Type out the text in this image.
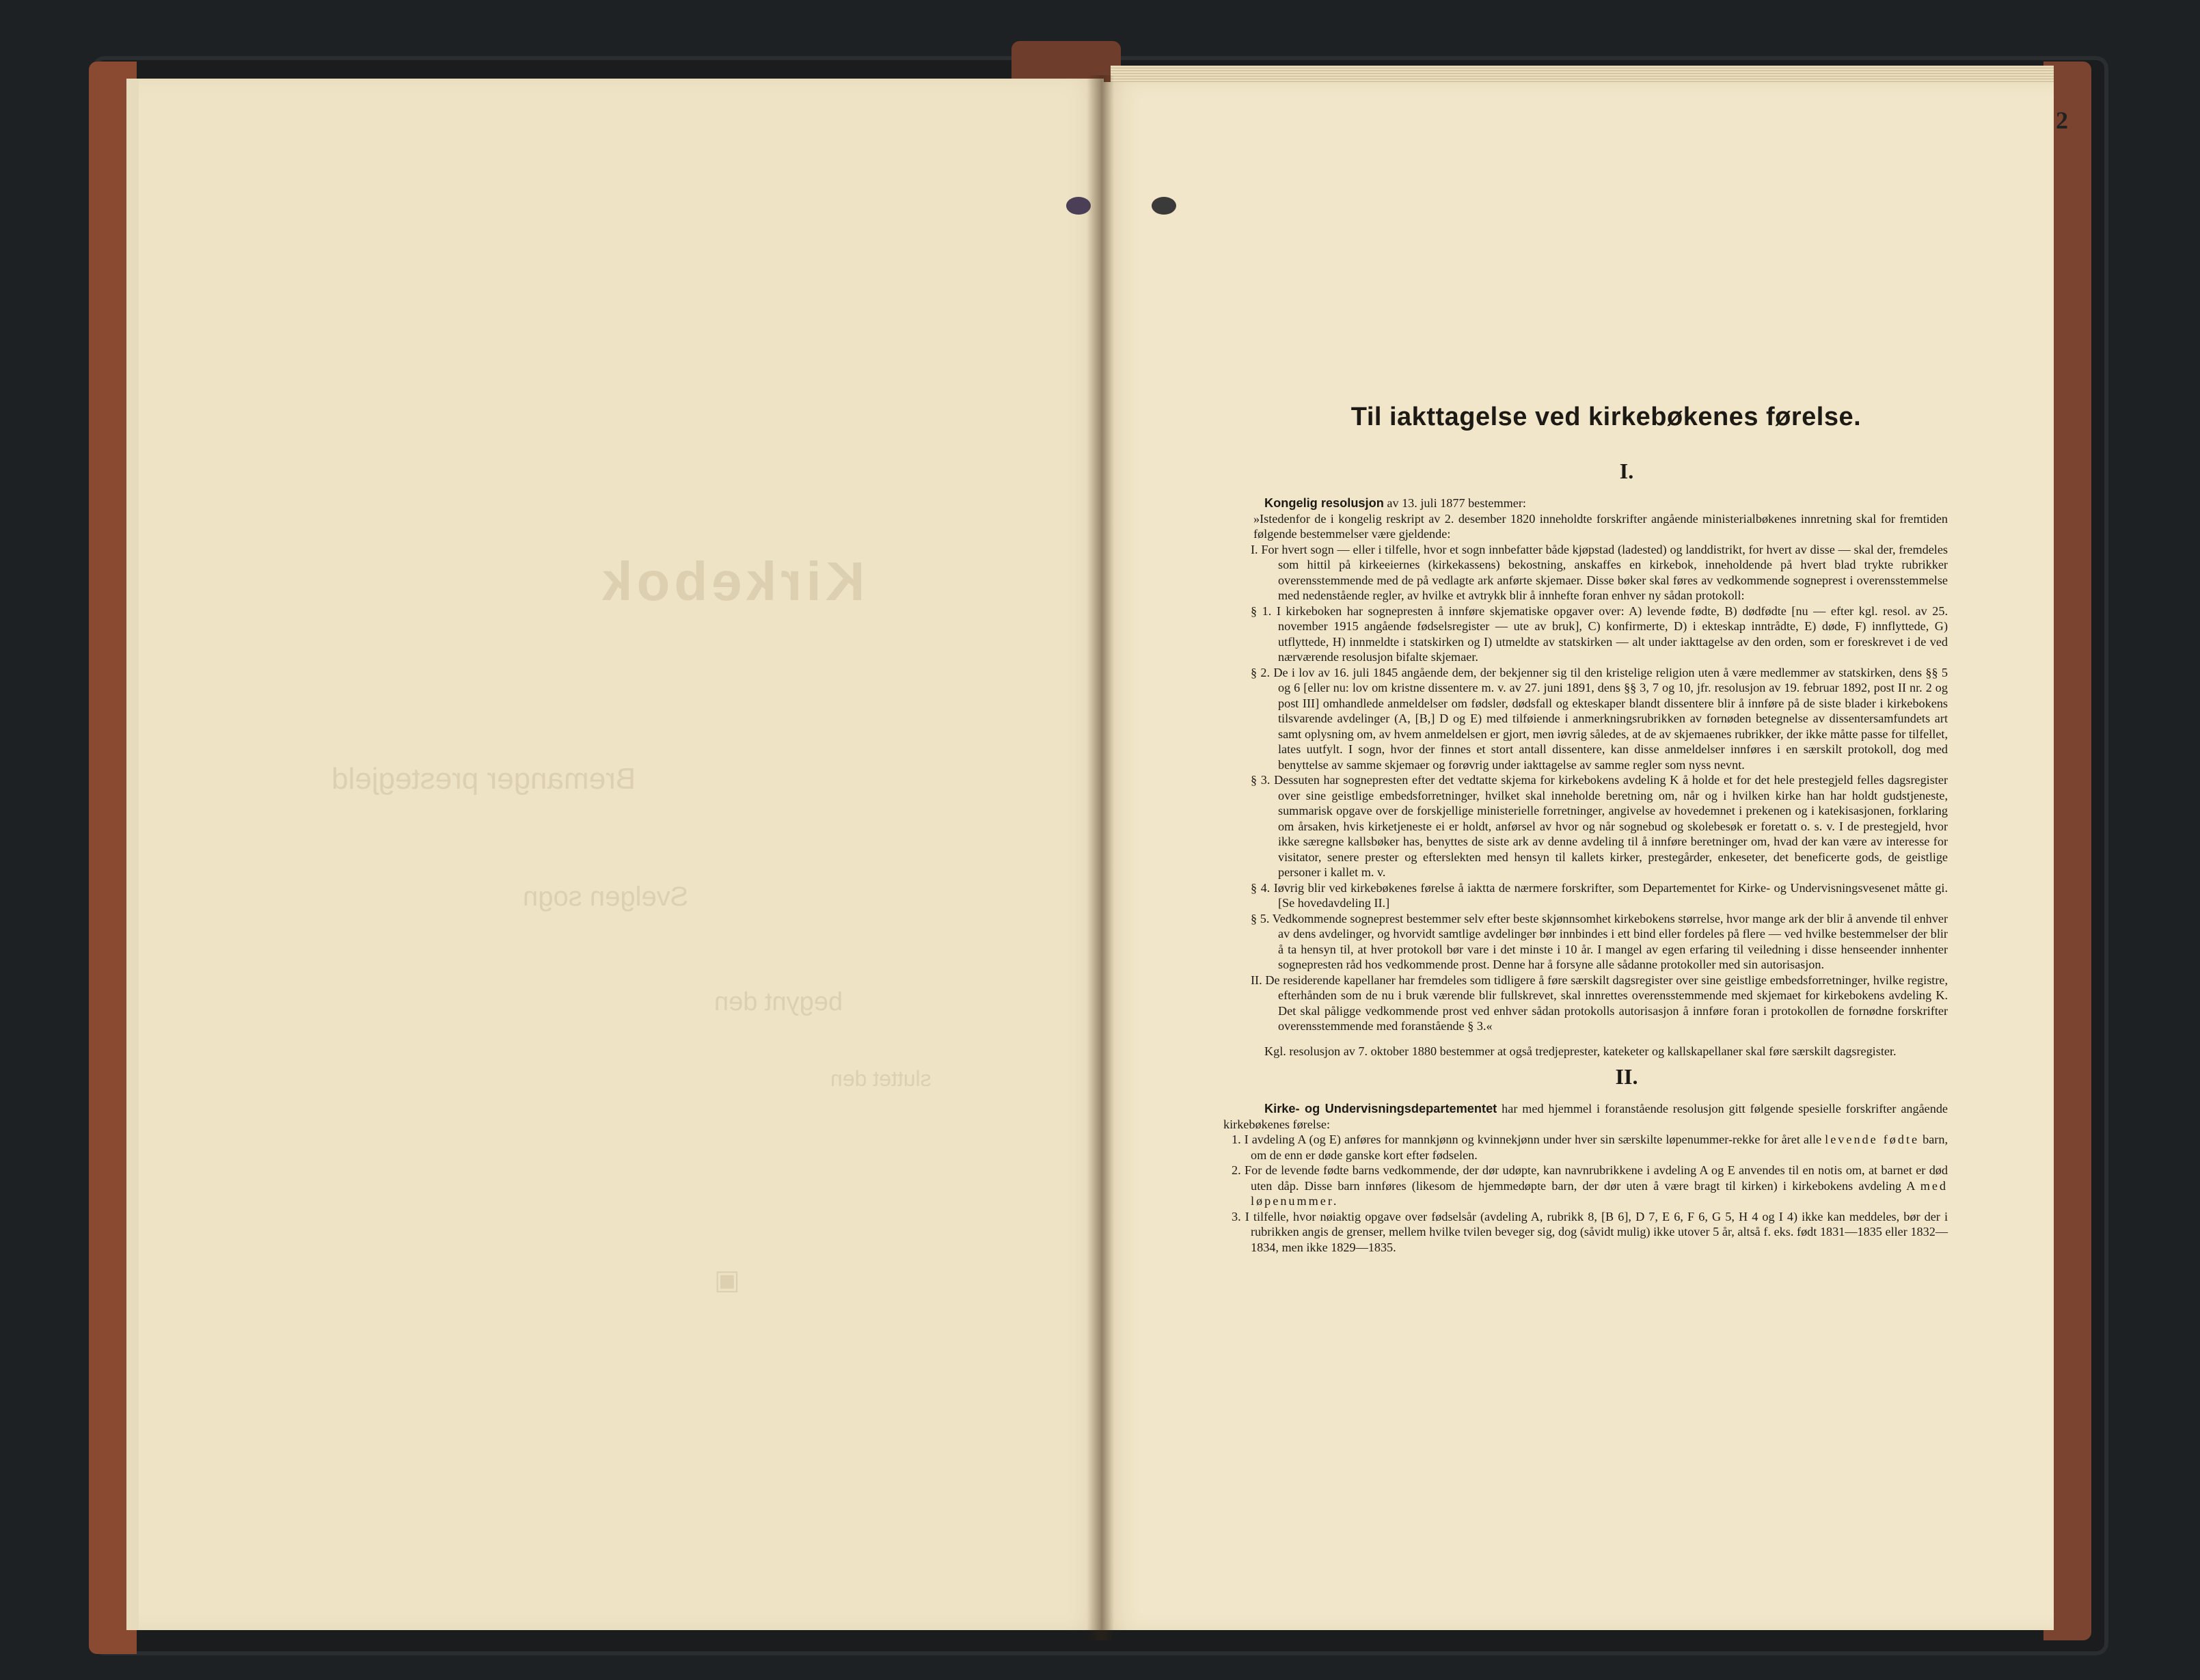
Kirkebok
Bremanger prestegjeld
Svelgen sogn
begynt den
sluttet den
▣
2
Til iakttagelse ved kirkebøkenes førelse.
I.

Kongelig resolusjon av 13. juli 1877 bestemmer:

»Istedenfor de i kongelig reskript av 2. desember 1820 inneholdte forskrifter angående ministerialbøkenes innretning skal for fremtiden følgende bestemmelser være gjeldende:

I. For hvert sogn — eller i tilfelle, hvor et sogn innbefatter både kjøpstad (ladested) og landdistrikt, for hvert av disse — skal der, fremdeles som hittil på kirkeeiernes (kirkekassens) bekostning, anskaffes en kirkebok, inneholdende på hvert blad trykte rubrikker overensstemmende med de på vedlagte ark anførte skjemaer. Disse bøker skal føres av vedkommende sogneprest i overensstemmelse med nedenstående regler, av hvilke et avtrykk blir å innhefte foran enhver ny sådan protokoll:

§ 1. I kirkeboken har sognepresten å innføre skjematiske opgaver over: A) levende fødte, B) dødfødte [nu — efter kgl. resol. av 25. november 1915 angående fødselsregister — ute av bruk], C) konfirmerte, D) i ekteskap inntrådte, E) døde, F) innflyttede, G) utflyttede, H) innmeldte i statskirken og I) utmeldte av statskirken — alt under iakttagelse av den orden, som er foreskrevet i de ved nærværende resolusjon bifalte skjemaer.

§ 2. De i lov av 16. juli 1845 angående dem, der bekjenner sig til den kristelige religion uten å være medlemmer av statskirken, dens §§ 5 og 6 [eller nu: lov om kristne dissentere m. v. av 27. juni 1891, dens §§ 3, 7 og 10, jfr. resolusjon av 19. februar 1892, post II nr. 2 og post III] omhandlede anmeldelser om fødsler, dødsfall og ekteskaper blandt dissentere blir å innføre på de siste blader i kirkebokens tilsvarende avdelinger (A, [B,] D og E) med tilføiende i anmerkningsrubrikken av fornøden betegnelse av dissentersamfundets art samt oplysning om, av hvem anmeldelsen er gjort, men iøvrig således, at de av skjemaenes rubrikker, der ikke måtte passe for tilfellet, lates uutfylt. I sogn, hvor der finnes et stort antall dissentere, kan disse anmeldelser innføres i en særskilt protokoll, dog med benyttelse av samme skjemaer og forøvrig under iakttagelse av samme regler som nyss nevnt.

§ 3. Dessuten har sognepresten efter det vedtatte skjema for kirkebokens avdeling K å holde et for det hele prestegjeld felles dagsregister over sine geistlige embedsforretninger, hvilket skal inneholde beretning om, når og i hvilken kirke han har holdt gudstjeneste, summarisk opgave over de forskjellige ministerielle forretninger, angivelse av hovedemnet i prekenen og i katekisasjonen, forklaring om årsaken, hvis kirketjeneste ei er holdt, anførsel av hvor og når sognebud og skolebesøk er foretatt o. s. v. I de prestegjeld, hvor ikke særegne kallsbøker has, benyttes de siste ark av denne avdeling til å innføre beretninger om, hvad der kan være av interesse for visitator, senere prester og efterslekten med hensyn til kallets kirker, prestegårder, enkeseter, det beneficerte gods, de geistlige personer i kallet m. v.

§ 4. Iøvrig blir ved kirkebøkenes førelse å iaktta de nærmere forskrifter, som Departementet for Kirke- og Undervisningsvesenet måtte gi. [Se hovedavdeling II.]

§ 5. Vedkommende sogneprest bestemmer selv efter beste skjønnsomhet kirkebokens størrelse, hvor mange ark der blir å anvende til enhver av dens avdelinger, og hvorvidt samtlige avdelinger bør innbindes i ett bind eller fordeles på flere — ved hvilke bestemmelser der blir å ta hensyn til, at hver protokoll bør vare i det minste i 10 år. I mangel av egen erfaring til veiledning i disse henseender innhenter sognepresten råd hos vedkommende prost. Denne har å forsyne alle sådanne protokoller med sin autorisasjon.

II. De residerende kapellaner har fremdeles som tidligere å føre særskilt dagsregister over sine geistlige embedsforretninger, hvilke registre, efterhånden som de nu i bruk værende blir fullskrevet, skal innrettes overensstemmende med skjemaet for kirkebokens avdeling K. Det skal påligge vedkommende prost ved enhver sådan protokolls autorisasjon å innføre foran i protokollen de fornødne forskrifter overensstemmende med foranstående § 3.«

Kgl. resolusjon av 7. oktober 1880 bestemmer at også tredjeprester, kateketer og kallskapellaner skal føre særskilt dagsregister.

II.

Kirke- og Undervisningsdepartementet har med hjemmel i foranstående resolusjon gitt følgende spesielle forskrifter angående kirkebøkenes førelse:

1. I avdeling A (og E) anføres for mannkjønn og kvinnekjønn under hver sin særskilte løpenummer-rekke for året alle levende fødte barn, om de enn er døde ganske kort efter fødselen.

2. For de levende fødte barns vedkommende, der dør udøpte, kan navnrubrikkene i avdeling A og E anvendes til en notis om, at barnet er død uten dåp. Disse barn innføres (likesom de hjemmedøpte barn, der dør uten å være bragt til kirken) i kirkebokens avdeling A med løpenummer.

3. I tilfelle, hvor nøiaktig opgave over fødselsår (avdeling A, rubrikk 8, [B 6], D 7, E 6, F 6, G 5, H 4 og I 4) ikke kan meddeles, bør der i rubrikken angis de grenser, mellem hvilke tvilen beveger sig, dog (såvidt mulig) ikke utover 5 år, altså f. eks. født 1831—1835 eller 1832—1834, men ikke 1829—1835.
